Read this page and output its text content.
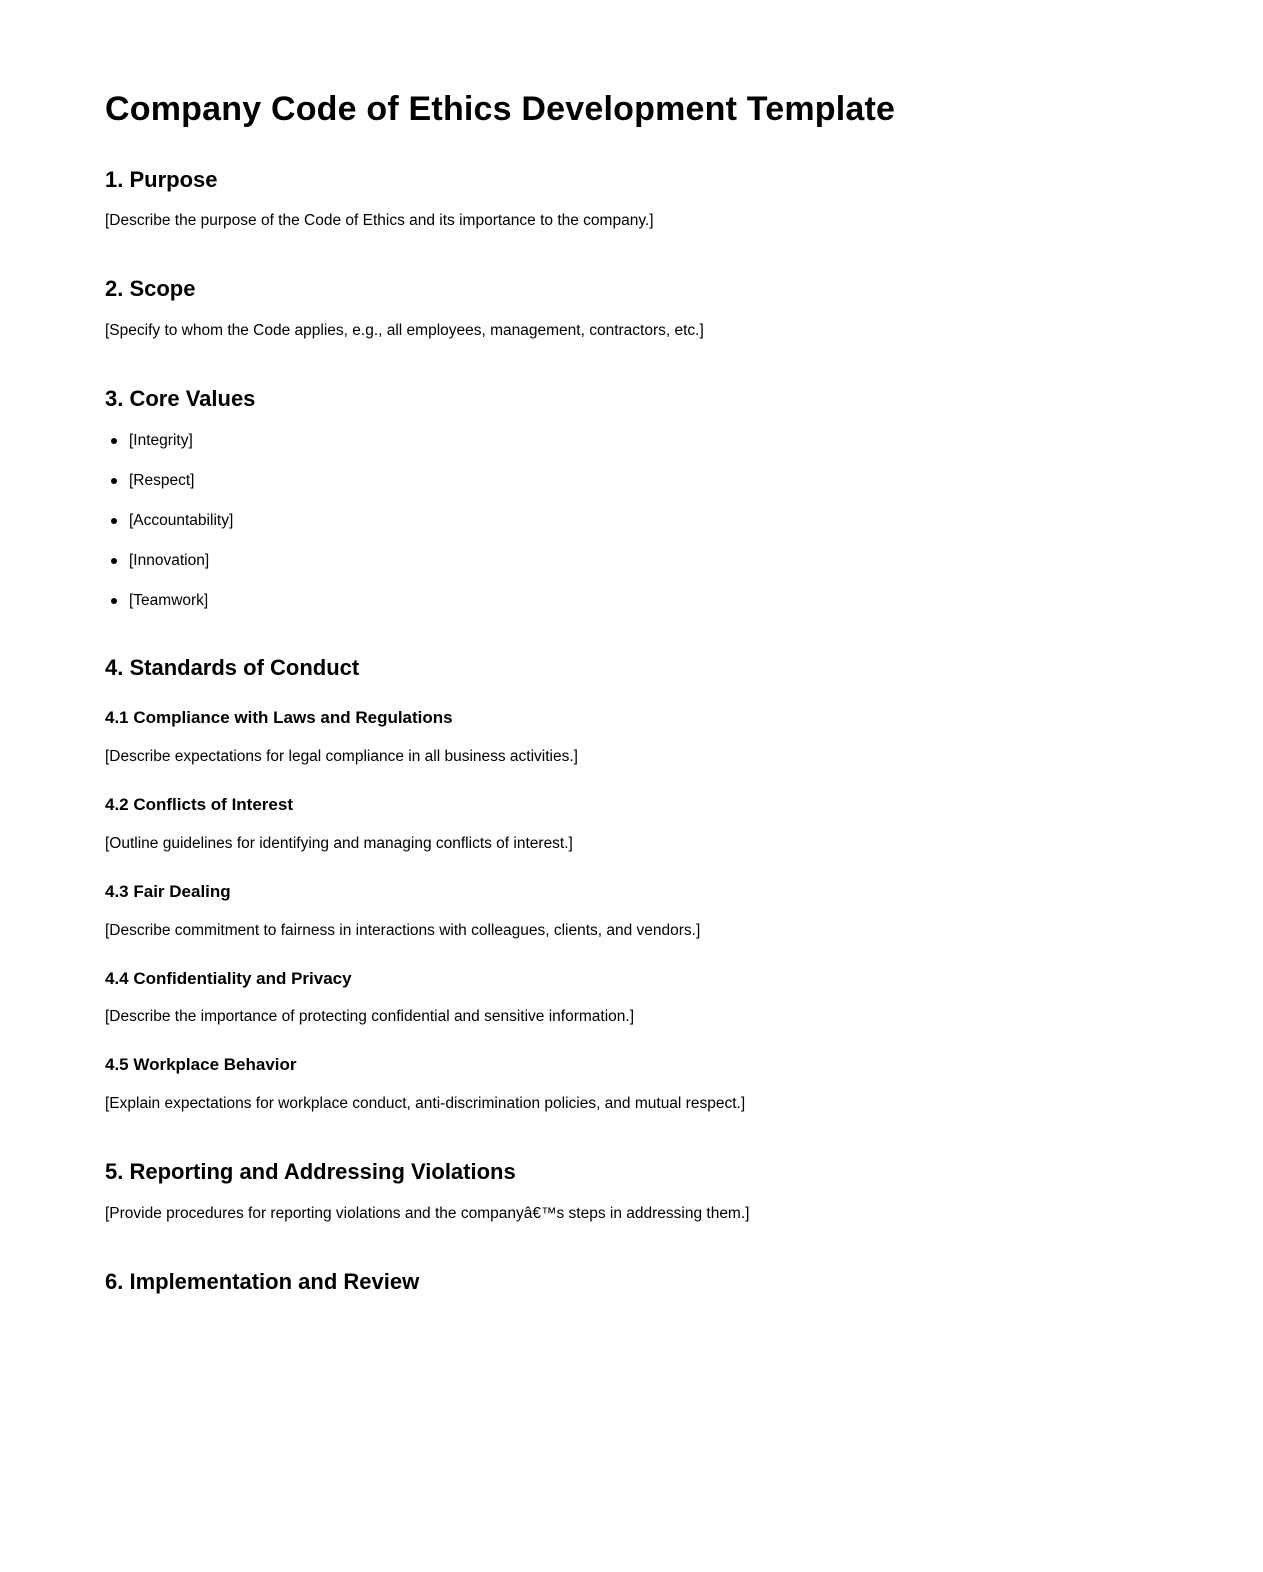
Company Code of Ethics Development Template
1. Purpose

[Describe the purpose of the Code of Ethics and its importance to the company.]

2. Scope

[Specify to whom the Code applies, e.g., all employees, management, contractors, etc.]

3. Core Values
[Integrity]
[Respect]
[Accountability]
[Innovation]
[Teamwork]
4. Standards of Conduct
4.1 Compliance with Laws and Regulations

[Describe expectations for legal compliance in all business activities.]

4.2 Conflicts of Interest

[Outline guidelines for identifying and managing conflicts of interest.]

4.3 Fair Dealing

[Describe commitment to fairness in interactions with colleagues, clients, and vendors.]

4.4 Confidentiality and Privacy

[Describe the importance of protecting confidential and sensitive information.]

4.5 Workplace Behavior

[Explain expectations for workplace conduct, anti-discrimination policies, and mutual respect.]

5. Reporting and Addressing Violations

[Provide procedures for reporting violations and the companyâ€™s steps in addressing them.]

6. Implementation and Review
